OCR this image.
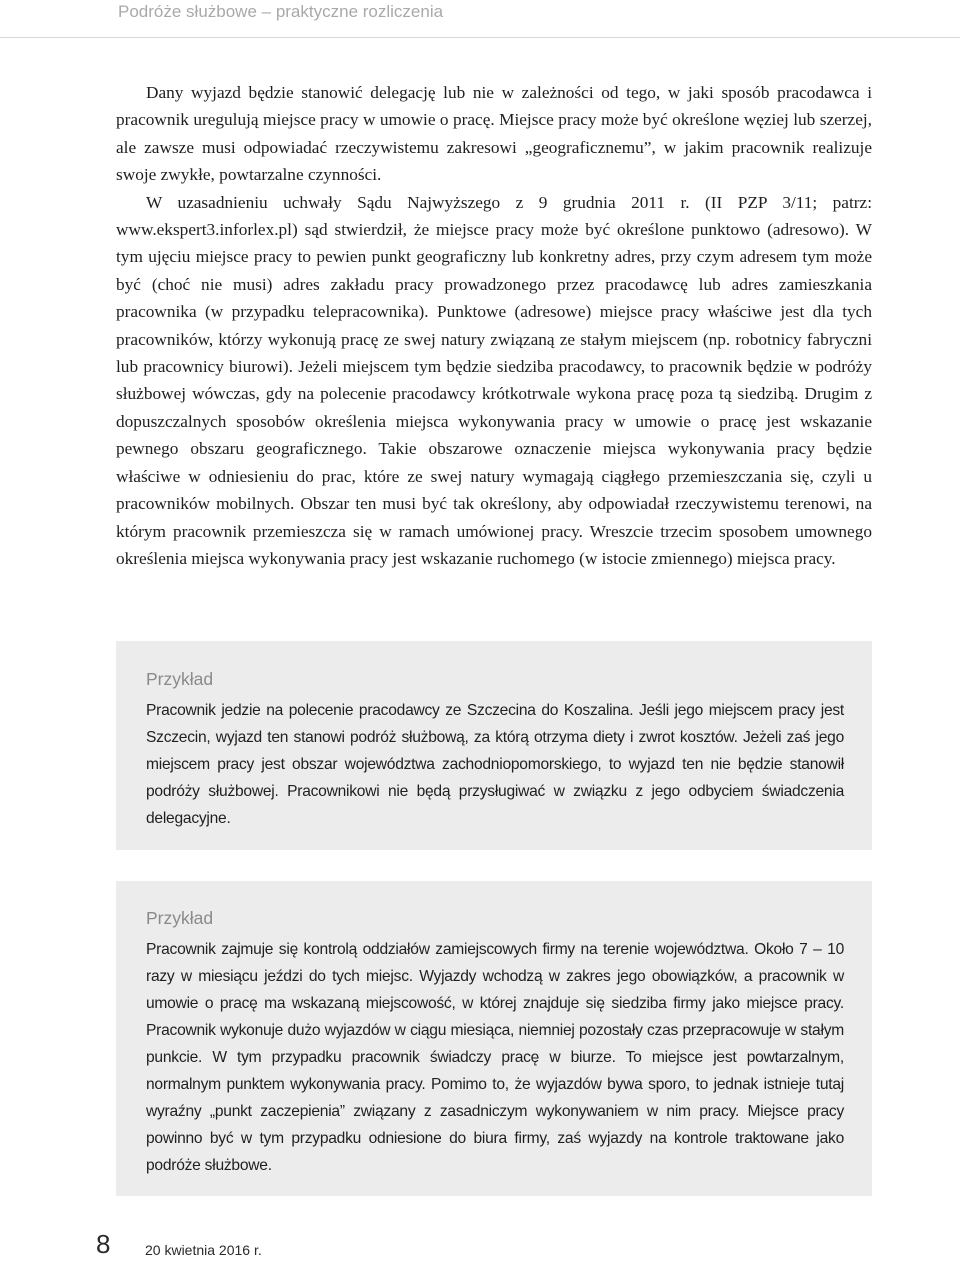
Podróże służbowe – praktyczne rozliczenia

Dany wyjazd będzie stanowić delegację lub nie w zależności od tego, w jaki sposób pracodawca i pracownik uregulują miejsce pracy w umowie o pracę. Miejsce pracy może być określone węziej lub szerzej, ale zawsze musi odpowiadać rzeczywistemu zakresowi „geograficznemu”, w jakim pracownik realizuje swoje zwykłe, powtarzalne czynności.

W uzasadnieniu uchwały Sądu Najwyższego z 9 grudnia 2011 r. (II PZP 3/11; patrz: www.ekspert3.inforlex.pl) sąd stwierdził, że miejsce pracy może być określone punktowo (adresowo). W tym ujęciu miejsce pracy to pewien punkt geograficzny lub konkretny adres, przy czym adresem tym może być (choć nie musi) adres zakładu pracy prowadzonego przez pracodawcę lub adres zamieszkania pracownika (w przypadku telepracownika). Punktowe (adresowe) miejsce pracy właściwe jest dla tych pracowników, którzy wykonują pracę ze swej natury związaną ze stałym miejscem (np. robotnicy fabryczni lub pracownicy biurowi). Jeżeli miejscem tym będzie siedziba pracodawcy, to pracownik będzie w podróży służbowej wówczas, gdy na polecenie pracodawcy krótkotrwale wykona pracę poza tą siedzibą. Drugim z dopuszczalnych sposobów określenia miejsca wykonywania pracy w umowie o pracę jest wskazanie pewnego obszaru geograficznego. Takie obszarowe oznaczenie miejsca wykonywania pracy będzie właściwe w odniesieniu do prac, które ze swej natury wymagają ciągłego przemieszczania się, czyli u pracowników mobilnych. Obszar ten musi być tak określony, aby odpowiadał rzeczywistemu terenowi, na którym pracownik przemieszcza się w ramach umówionej pracy. Wreszcie trzecim sposobem umownego określenia miejsca wykonywania pracy jest wskazanie ruchomego (w istocie zmiennego) miejsca pracy.

Przykład

Pracownik jedzie na polecenie pracodawcy ze Szczecina do Koszalina. Jeśli jego miejscem pracy jest Szczecin, wyjazd ten stanowi podróż służbową, za którą otrzyma diety i zwrot kosztów. Jeżeli zaś jego miejscem pracy jest obszar województwa zachodniopomorskiego, to wyjazd ten nie będzie stanowił podróży służbowej. Pracownikowi nie będą przysługiwać w związku z jego odbyciem świadczenia delegacyjne.

Przykład

Pracownik zajmuje się kontrolą oddziałów zamiejscowych firmy na terenie województwa. Około 7 – 10 razy w miesiącu jeździ do tych miejsc. Wyjazdy wchodzą w zakres jego obowiązków, a pracownik w umowie o pracę ma wskazaną miejscowość, w której znajduje się siedziba firmy jako miejsce pracy. Pracownik wykonuje dużo wyjazdów w ciągu miesiąca, niemniej pozostały czas przepracowuje w stałym punkcie. W tym przypadku pracownik świadczy pracę w biurze. To miejsce jest powtarzalnym, normalnym punktem wykonywania pracy. Pomimo to, że wyjazdów bywa sporo, to jednak istnieje tutaj wyraźny „punkt zaczepienia” związany z zasadniczym wykonywaniem w nim pracy. Miejsce pracy powinno być w tym przypadku odniesione do biura firmy, zaś wyjazdy na kontrole traktowane jako podróże służbowe.

8 20 kwietnia 2016 r.
